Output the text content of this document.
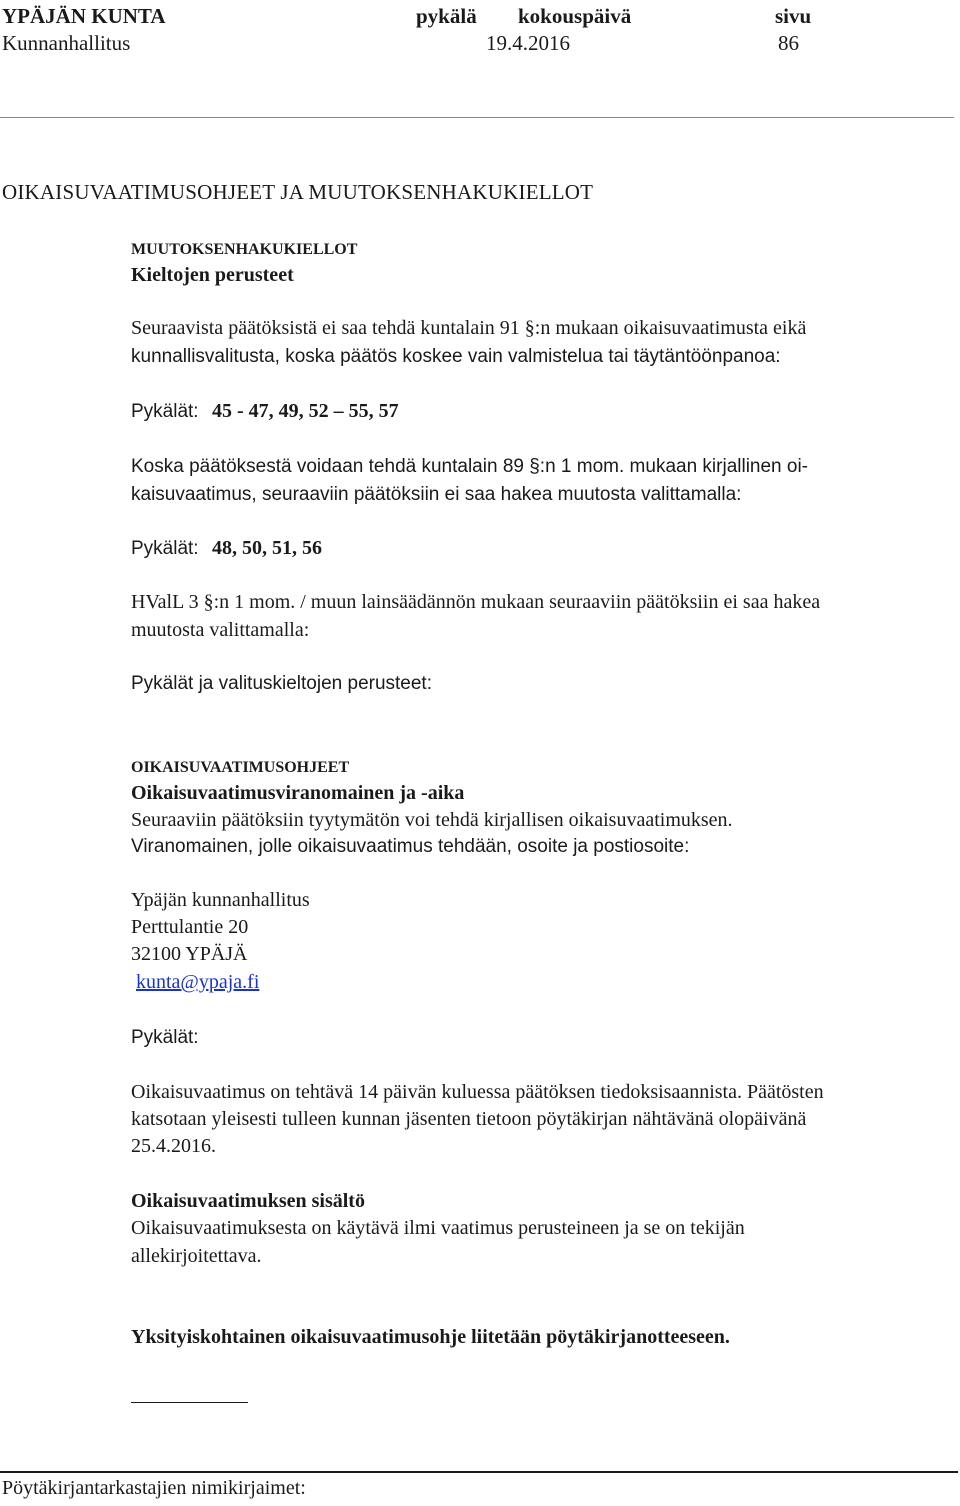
YPÄJÄN KUNTA	pykälä kokouspäivä	sivu
Kunnanhallitus	19.4.2016	86
OIKAISUVAATIMUSOHJEET JA MUUTOKSENHAKUKIELLOT
MUUTOKSENHAKUKIELLOT
Kieltojen perusteet
Seuraavista päätöksistä ei saa tehdä kuntalain 91 §:n mukaan oikaisuvaatimusta eikä
kunnallisvalitusta, koska päätös koskee vain valmistelua tai täytäntöönpanoa:
Pykälät: 45 - 47, 49, 52 – 55, 57
Koska päätöksestä voidaan tehdä kuntalain 89 §:n 1 mom. mukaan kirjallinen oi-
kaisuvaatimus, seuraaviin päätöksiin ei saa hakea muutosta valittamalla:
Pykälät: 48, 50, 51, 56
HValL 3 §:n 1 mom. / muun lainsäädännön mukaan seuraaviin päätöksiin ei saa hakea
muutosta valittamalla:
Pykälät ja valituskieltojen perusteet:
OIKAISUVAATIMUSOHJEET
Oikaisuvaatimusviranomainen ja -aika
Seuraaviin päätöksiin tyytymätön voi tehdä kirjallisen oikaisuvaatimuksen.
Viranomainen, jolle oikaisuvaatimus tehdään, osoite ja postiosoite:
Ypäjän kunnanhallitus
Perttulantie 20
32100 YPÄJÄ
kunta@ypaja.fi
Pykälät:
Oikaisuvaatimus on tehtävä 14 päivän kuluessa päätöksen tiedoksisaannista. Päätösten
katsotaan yleisesti tulleen kunnan jäsenten tietoon pöytäkirjan nähtävänä olopäivänä
25.4.2016.
Oikaisuvaatimuksen sisältö
Oikaisuvaatimuksesta on käytävä ilmi vaatimus perusteineen ja se on tekijän
allekirjoitettava.
Yksityiskohtainen oikaisuvaatimusohje liitetään pöytäkirjanotteeseen.
Pöytäkirjantarkastajien nimikirjaimet:
